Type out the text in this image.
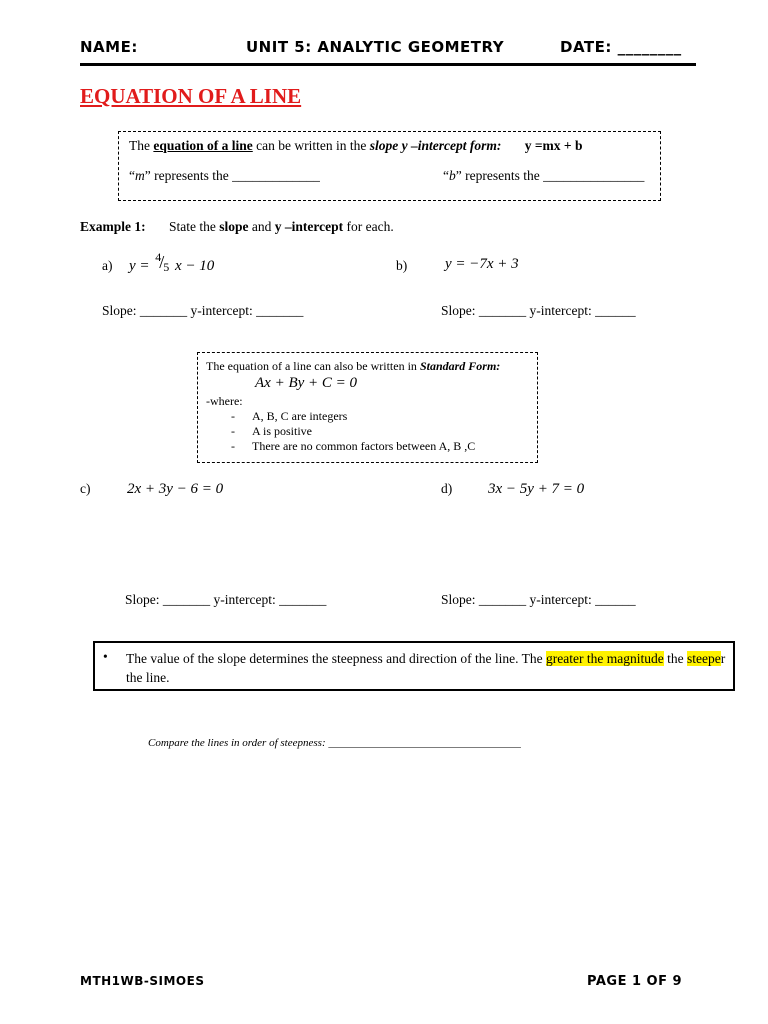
NAME:	UNIT 5: ANALYTIC GEOMETRY	DATE: ________
EQUATION OF A LINE
The equation of a line can be written in the slope y –intercept form: y =mx + b
“m” represents the _____________	“b” represents the _______________
Example 1: State the slope and y –intercept for each.
a) y =
4
/
5 x − 10	b)	y = −7x + 3
Slope: _______ y-intercept: _______	Slope: _______ y-intercept: ______
The equation of a line can also be written in Standard Form:
Ax + By + C = 0
-where:
- A, B, C are integers
- A is positive
- There are no common factors between A, B ,C
c) 2x + 3y − 6 = 0	d) 3x − 5y + 7 = 0
Slope: _______ y-intercept: _______	Slope: _______ y-intercept: ______
• The value of the slope determines the steepness and direction of the line. The greater the magnitude the steeper the line.
Compare the lines in order of steepness: ___________________________________
MTH1WB-SIMOES	PAGE 1 OF 9
